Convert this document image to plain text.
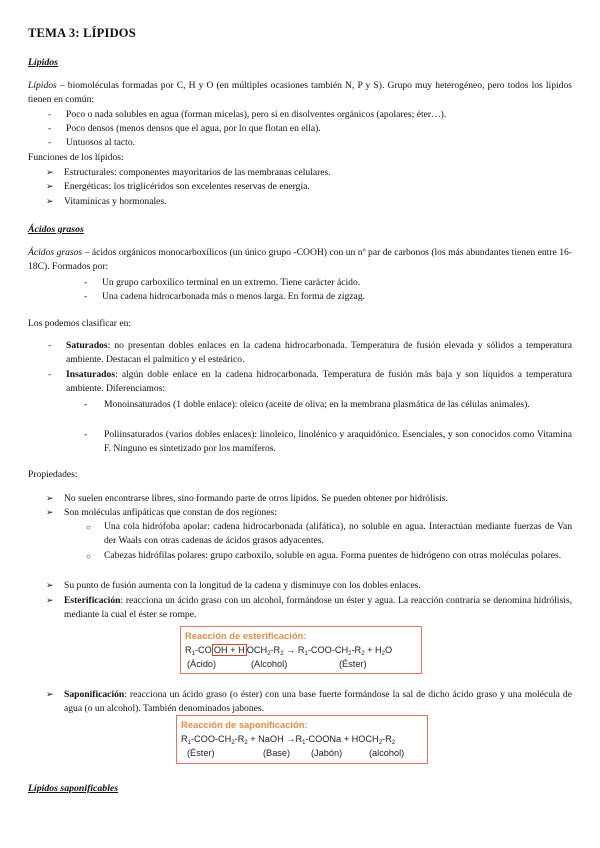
TEMA 3: LÍPIDOS
Lípidos
Lípidos – biomoléculas formadas por C, H y O (en múltiples ocasiones también N, P y S). Grupo muy heterogéneo, pero todos los lípidos tienen en común:
- Poco o nada solubles en agua (forman micelas), pero sí en disolventes orgánicos (apolares; éter…).
- Poco densos (menos densos que el agua, por lo que flotan en ella).
- Untuosos al tacto.
Funciones de los lípidos:
➢ Estructurales: componentes mayoritarios de las membranas celulares.
➢ Energéticas: los triglicéridos son excelentes reservas de energía.
➢ Vitamínicas y hormonales.
Ácidos grasos
Ácidos grasos – ácidos orgánicos monocarboxílicos (un único grupo -COOH) con un nº par de carbonos (los más abundantes tienen entre 16-18C). Formados por:
- Un grupo carboxílico terminal en un extremo. Tiene carácter ácido.
- Una cadena hidrocarbonada más o menos larga. En forma de zigzag.
Los podemos clasificar en:
- Saturados: no presentan dobles enlaces en la cadena hidrocarbonada. Temperatura de fusión elevada y sólidos a temperatura ambiente. Destacan el palmítico y el esteárico.
- Insaturados: algún doble enlace en la cadena hidrocarbonada. Temperatura de fusión más baja y son líquidos a temperatura ambiente. Diferenciamos:
- Monoinsaturados (1 doble enlace): oleico (aceite de oliva; en la membrana plasmática de las células animales).
- Poliinsaturados (varios dobles enlaces): linoleico, linolénico y araquidónico. Esenciales, y son conocidos como Vitamina F. Ninguno es sintetizado por los mamíferos.
Propiedades:
➢ No suelen encontrarse libres, sino formando parte de otros lípidos. Se pueden obtener por hidrólisis.
➢ Son moléculas anfipáticas que constan de dos regiones:
○ Una cola hidrófoba apolar: cadena hidrocarbonada (alifática), no soluble en agua. Interactúan mediante fuerzas de Van der Waals con otras cadenas de ácidos grasos adyacentes.
○ Cabezas hidrófilas polares: grupo carboxilo, soluble en agua. Forma puentes de hidrógeno con otras moléculas polares.
➢ Su punto de fusión aumenta con la longitud de la cadena y disminuye con los dobles enlaces.
➢ Esterificación: reacciona un ácido graso con un alcohol, formándose un éster y agua. La reacción contraria se denomina hidrólisis, mediante la cual el éster se rompe.
Reacción de esterificación:
$R_1-CO$ OH + H $OCH_2-R_2 \to R_1-COO-CH_2-R_2 + H_2O$
(Ácido)	(Alcohol)	(Éster)
➢ Saponificación: reacciona un ácido graso (o éster) con una base fuerte formándose la sal de dicho ácido graso y una molécula de agua (o un alcohol). También denominados jabones.
Reacción de saponificación:
$R_1-COO-CH_2-R_2$ + NaOH $\to R_1$-COONa + $HOCH_2-R_2$
(Éster)	(Base) (Jabón)	(alcohol)
Lípidos saponificables
